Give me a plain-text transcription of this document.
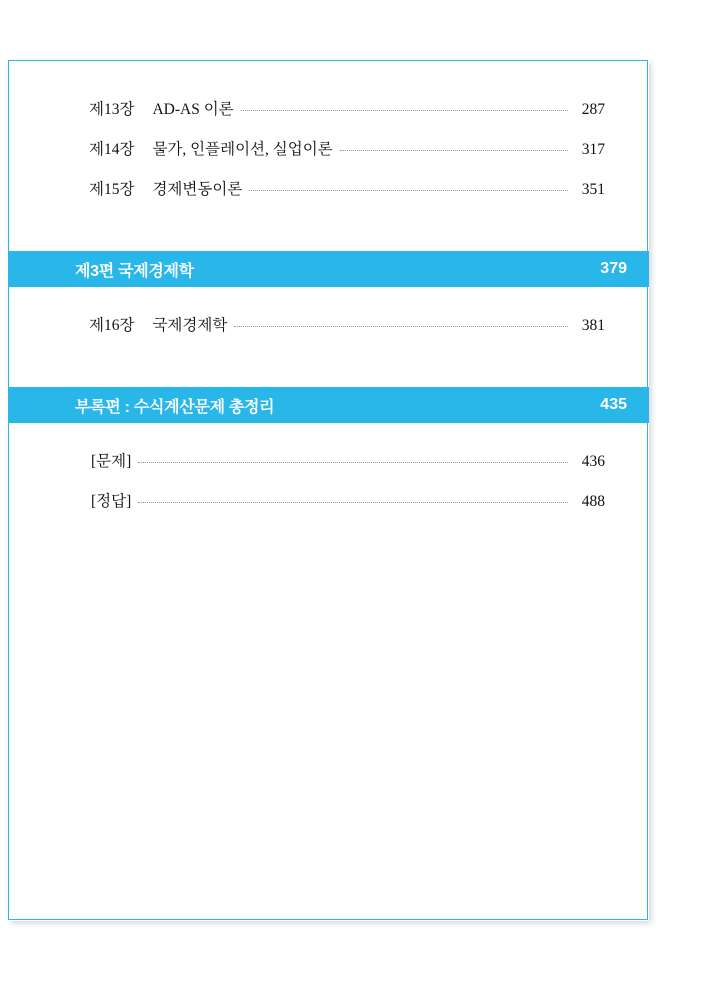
제13장 AD-AS 이론	287
제14장 물가, 인플레이션, 실업이론	317
제15장 경제변동이론	351
제3편 국제경제학	379
제16장 국제경제학	381
부록편 : 수식계산문제 총정리	435
[문제]	436
[정답]	488
